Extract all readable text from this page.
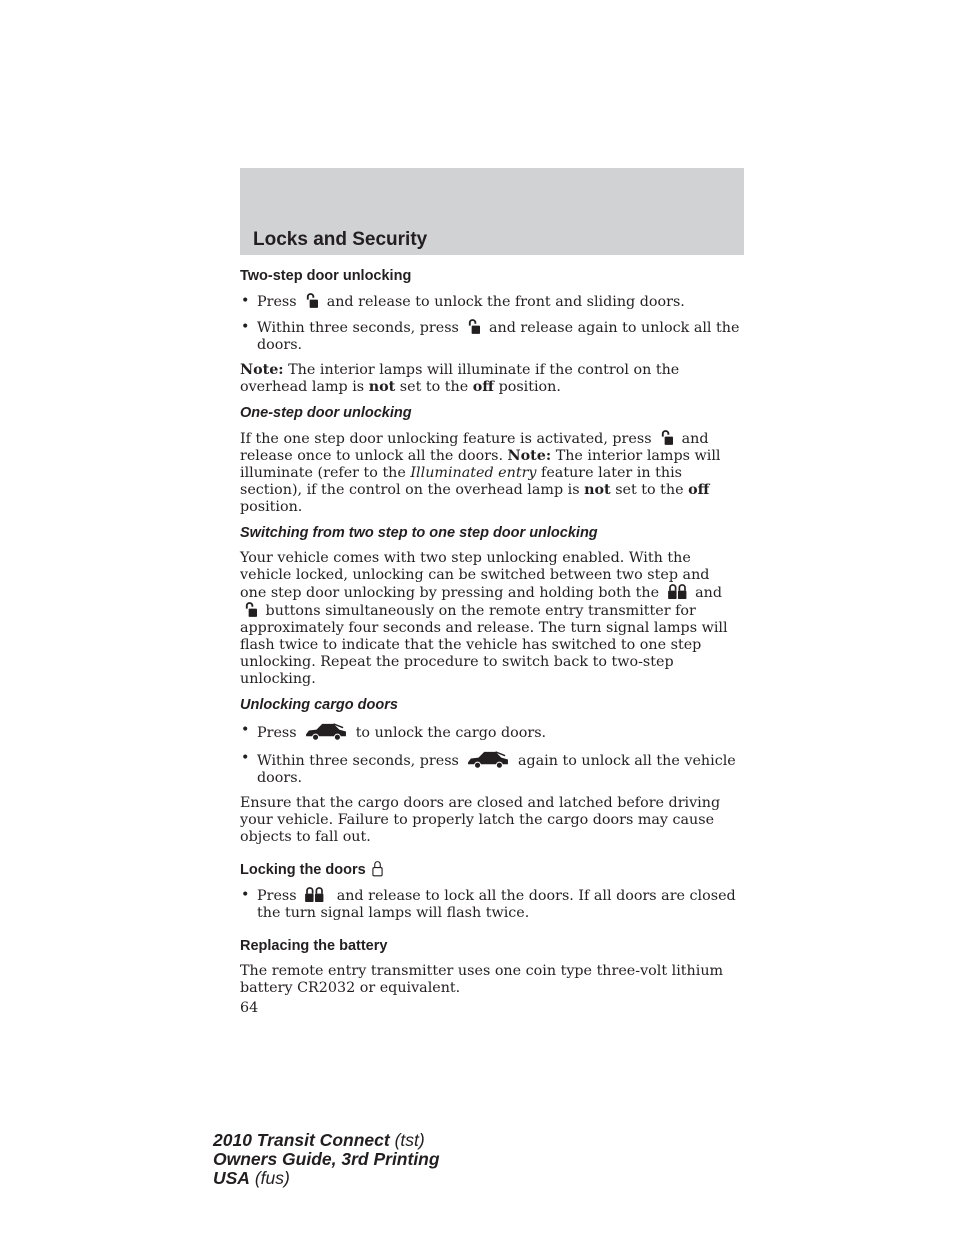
Locks and Security
Two-step door unlocking
• Press and release to unlock the front and sliding doors.
• Within three seconds, press and release again to unlock all the doors.

Note: The interior lamps will illuminate if the control on the overhead lamp is not set to the off position.

One-step door unlocking

If the one step door unlocking feature is activated, press and release once to unlock all the doors. Note: The interior lamps will illuminate (refer to the Illuminated entry feature later in this section), if the control on the overhead lamp is not set to the off position.

Switching from two step to one step door unlocking

Your vehicle comes with two step unlocking enabled. With the vehicle locked, unlocking can be switched between two step and one step door unlocking by pressing and holding both the	and  buttons simultaneously on the remote entry transmitter for approximately four seconds and release. The turn signal lamps will flash twice to indicate that the vehicle has switched to one step unlocking. Repeat the procedure to switch back to two-step unlocking.

Unlocking cargo doors
• Press	to unlock the cargo doors.
• Within three seconds, press	again to unlock all the vehicle doors.

Ensure that the cargo doors are closed and latched before driving your vehicle. Failure to properly latch the cargo doors may cause objects to fall out.

Locking the doors
• Press	and release to lock all the doors. If all doors are closed the turn signal lamps will flash twice.
Replacing the battery

The remote entry transmitter uses one coin type three-volt lithium battery CR2032 or equivalent.

64

2010 Transit Connect (tst)
Owners Guide, 3rd Printing
USA (fus)
